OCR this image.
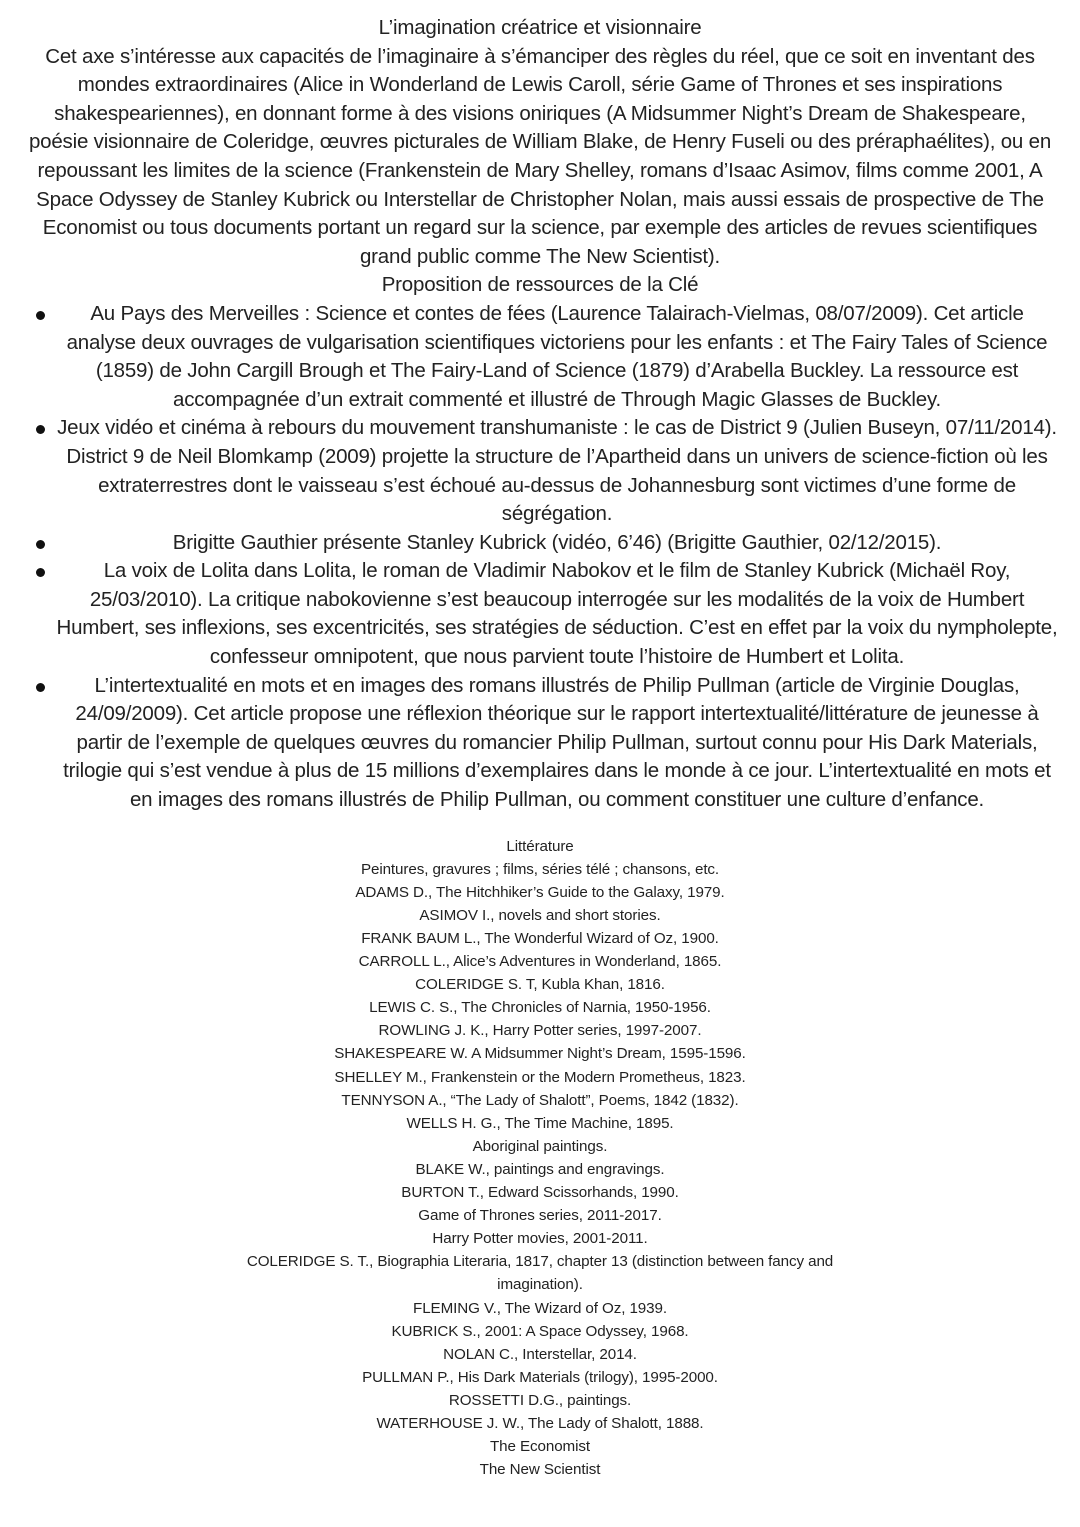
L’imagination créatrice et visionnaire

Cet axe s’intéresse aux capacités de l’imaginaire à s’émanciper des règles du réel, que ce soit en inventant des mondes extraordinaires (Alice in Wonderland de Lewis Caroll, série Game of Thrones et ses inspirations shakespeariennes), en donnant forme à des visions oniriques (A Midsummer Night’s Dream de Shakespeare, poésie visionnaire de Coleridge, œuvres picturales de William Blake, de Henry Fuseli ou des préraphaélites), ou en repoussant les limites de la science (Frankenstein de Mary Shelley, romans d’Isaac Asimov, films comme 2001, A Space Odyssey de Stanley Kubrick ou Interstellar de Christopher Nolan, mais aussi essais de prospective de The Economist ou tous documents portant un regard sur la science, par exemple des articles de revues scientifiques grand public comme The New Scientist).

Proposition de ressources de la Clé

Au Pays des Merveilles : Science et contes de fées (Laurence Talairach-Vielmas, 08/07/2009). Cet article analyse deux ouvrages de vulgarisation scientifiques victoriens pour les enfants : et The Fairy Tales of Science (1859) de John Cargill Brough et The Fairy-Land of Science (1879) d’Arabella Buckley. La ressource est accompagnée d’un extrait commenté et illustré de Through Magic Glasses de Buckley.
Jeux vidéo et cinéma à rebours du mouvement transhumaniste : le cas de District 9 (Julien Buseyn, 07/11/2014). District 9 de Neil Blomkamp (2009) projette la structure de l’Apartheid dans un univers de science-fiction où les extraterrestres dont le vaisseau s’est échoué au-dessus de Johannesburg sont victimes d’une forme de ségrégation.
Brigitte Gauthier présente Stanley Kubrick (vidéo, 6’46) (Brigitte Gauthier, 02/12/2015).
La voix de Lolita dans Lolita, le roman de Vladimir Nabokov et le film de Stanley Kubrick (Michaël Roy, 25/03/2010). La critique nabokovienne s’est beaucoup interrogée sur les modalités de la voix de Humbert Humbert, ses inflexions, ses excentricités, ses stratégies de séduction. C’est en effet par la voix du nympholepte, confesseur omnipotent, que nous parvient toute l’histoire de Humbert et Lolita.
L’intertextualité en mots et en images des romans illustrés de Philip Pullman (article de Virginie Douglas, 24/09/2009). Cet article propose une réflexion théorique sur le rapport intertextualité/littérature de jeunesse à partir de l’exemple de quelques œuvres du romancier Philip Pullman, surtout connu pour His Dark Materials, trilogie qui s’est vendue à plus de 15 millions d’exemplaires dans le monde à ce jour. L’intertextualité en mots et en images des romans illustrés de Philip Pullman, ou comment constituer une culture d’enfance.
Littérature
Peintures, gravures ; films, séries télé ; chansons, etc.
ADAMS D., The Hitchhiker’s Guide to the Galaxy, 1979.
ASIMOV I., novels and short stories.
FRANK BAUM L., The Wonderful Wizard of Oz, 1900.
CARROLL L., Alice’s Adventures in Wonderland, 1865.
COLERIDGE S. T, Kubla Khan, 1816.
LEWIS C. S., The Chronicles of Narnia, 1950-1956.
ROWLING J. K., Harry Potter series, 1997-2007.
SHAKESPEARE W. A Midsummer Night’s Dream, 1595-1596.
SHELLEY M., Frankenstein or the Modern Prometheus, 1823.
TENNYSON A., “The Lady of Shalott”, Poems, 1842 (1832).
WELLS H. G., The Time Machine, 1895.
Aboriginal paintings.
BLAKE W., paintings and engravings.
BURTON T., Edward Scissorhands, 1990.
Game of Thrones series, 2011-2017.
Harry Potter movies, 2001-2011.
COLERIDGE S. T., Biographia Literaria, 1817, chapter 13 (distinction between fancy and imagination).
FLEMING V., The Wizard of Oz, 1939.
KUBRICK S., 2001: A Space Odyssey, 1968.
NOLAN C., Interstellar, 2014.
PULLMAN P., His Dark Materials (trilogy), 1995-2000.
ROSSETTI D.G., paintings.
WATERHOUSE J. W., The Lady of Shalott, 1888.
The Economist
The New Scientist
